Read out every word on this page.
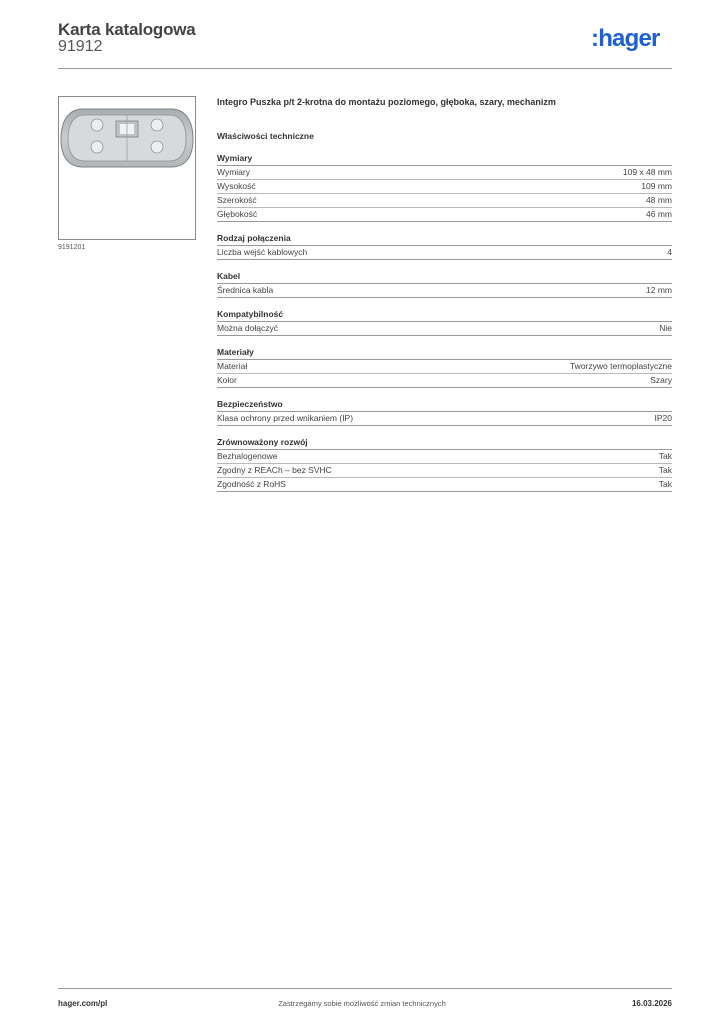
Karta katalogowa
91912	:hager
9191201
Integro Puszka p/t 2-krotna do montażu poziomego, głęboka, szary, mechanizm
Właściwości techniczne
Wymiary
Wymiary	109 x 48 mm
Wysokość	109 mm
Szerokość	48 mm
Głębokość	46 mm
Rodzaj połączenia
Liczba wejść kablowych	4
Kabel
Średnica kabla	12 mm
Kompatybilność
Można dołączyć	Nie
Materiały
Materiał	Tworzywo termoplastyczne
Kolor	Szary
Bezpieczeństwo
Klasa ochrony przed wnikaniem (IP)	IP20
Zrównoważony rozwój
Bezhalogenowe	Tak
Zgodny z REACh – bez SVHC	Tak
Zgodność z RoHS	Tak
hager.com/pl	Zastrzegamy sobie możliwość zmian technicznych	16.03.2026
